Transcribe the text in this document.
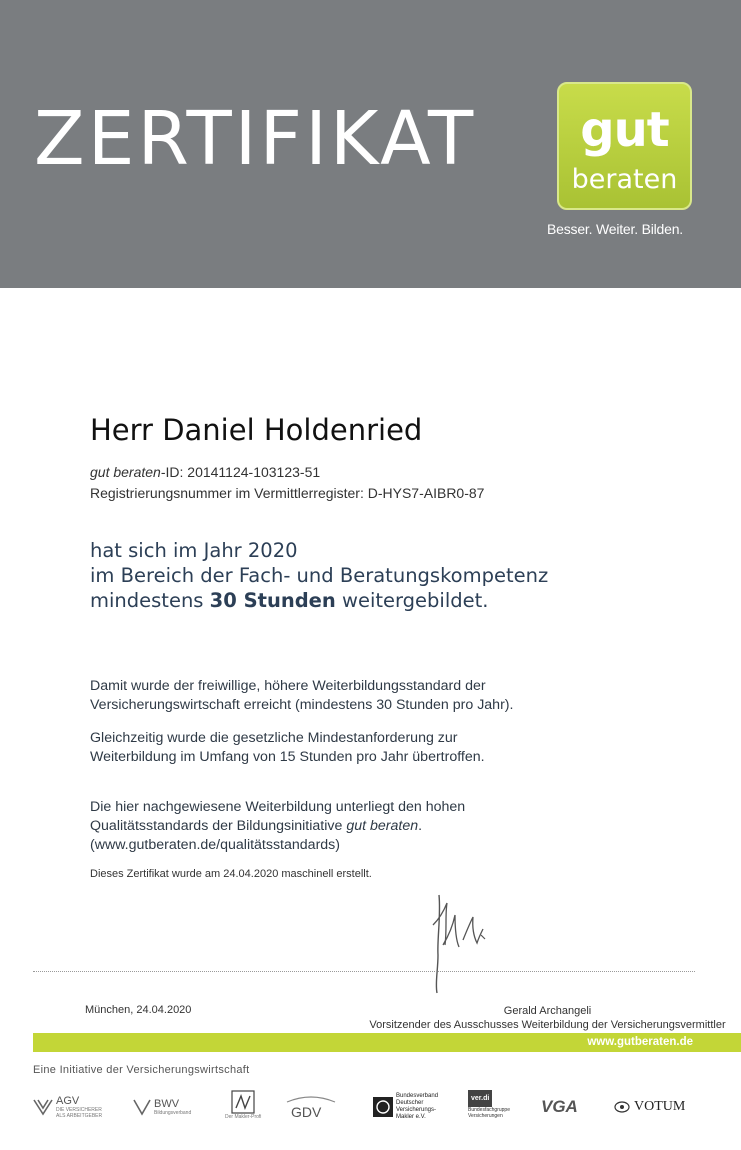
ZERTIFIKAT	gut
beraten
Besser. Weiter. Bilden.
Herr Daniel Holdenried
gut beraten-ID: 20141124-103123-51
Registrierungsnummer im Vermittlerregister: D-HYS7-AIBR0-87
hat sich im Jahr 2020
im Bereich der Fach- und Beratungskompetenz
mindestens 30 Stunden weitergebildet.
Damit wurde der freiwillige, höhere Weiterbildungsstandard der
Versicherungswirtschaft erreicht (mindestens 30 Stunden pro Jahr).
Gleichzeitig wurde die gesetzliche Mindestanforderung zur
Weiterbildung im Umfang von 15 Stunden pro Jahr übertroffen.
Die hier nachgewiesene Weiterbildung unterliegt den hohen
Qualitätsstandards der Bildungsinitiative gut beraten.
(www.gutberaten.de/qualitätsstandards)
Dieses Zertifikat wurde am 24.04.2020 maschinell erstellt.
München, 24.04.2020	Gerald Archangeli
Vorsitzender des Ausschusses Weiterbildung der Versicherungsvermittler
www.gutberaten.de
Eine Initiative der Versicherungswirtschaft
AGV
DIE VERSICHERER
ALS ARBEITGEBER
BWV
Bildungsverband
Der Makler-Profi GDV
Bundesverband
Deutscher
Versicherungs-
Makler e.V.
ver.di
Bundesfachgruppe
Versicherungen VGA	VOTUM
